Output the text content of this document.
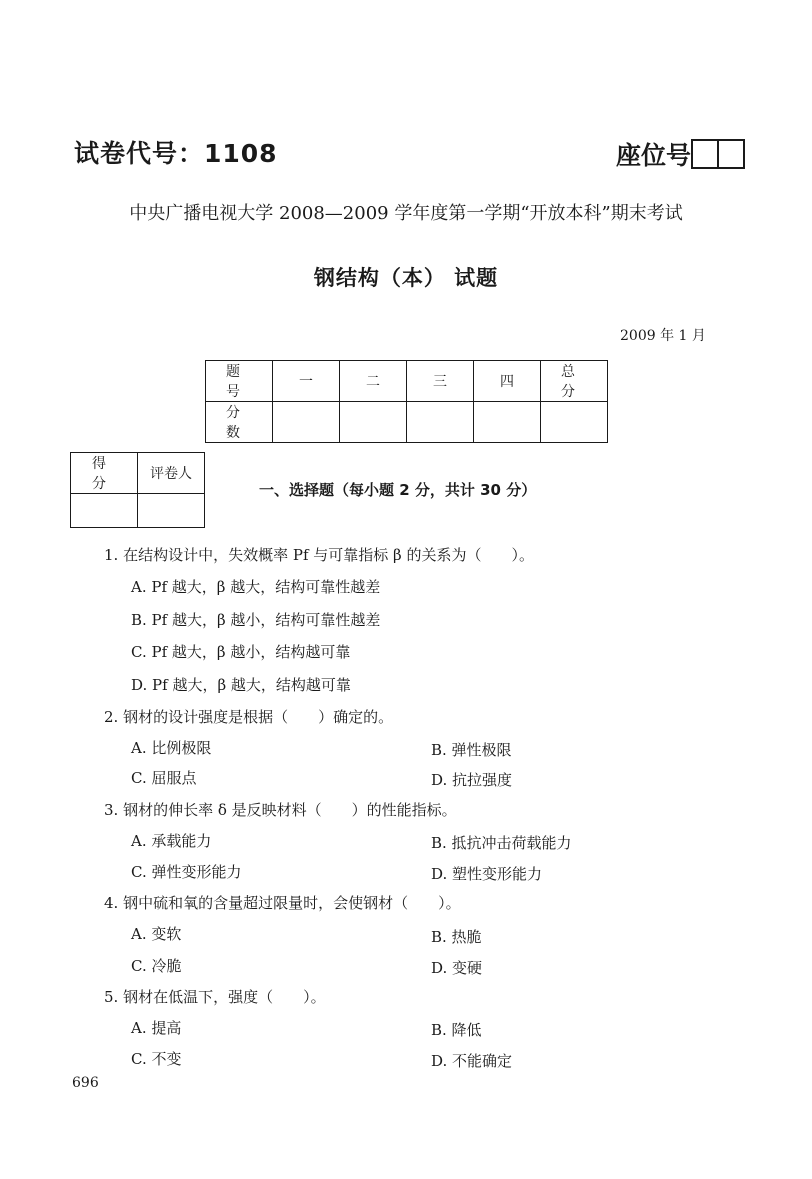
试卷代号：1108	座位号
中央广播电视大学 2008—2009 学年度第一学期“开放本科”期末考试
钢结构（本） 试题
2009 年 1 月
题　号	一	二	三	四	总　分
分　数					
得　分	评卷人

一、选择题（每小题 2 分，共计 30 分）
1. 在结构设计中，失效概率 Pf 与可靠指标 β 的关系为（　　）。
A. Pf 越大，β 越大，结构可靠性越差
B. Pf 越大，β 越小，结构可靠性越差
C. Pf 越大，β 越小，结构越可靠
D. Pf 越大，β 越大，结构越可靠
2. 钢材的设计强度是根据（　　）确定的。
A. 比例极限	B. 弹性极限
C. 屈服点	D. 抗拉强度
3. 钢材的伸长率 δ 是反映材料（　　）的性能指标。
A. 承载能力	B. 抵抗冲击荷载能力
C. 弹性变形能力	D. 塑性变形能力
4. 钢中硫和氧的含量超过限量时，会使钢材（　　）。
A. 变软	B. 热脆
C. 冷脆	D. 变硬
5. 钢材在低温下，强度（　　）。
A. 提高	B. 降低
C. 不变	D. 不能确定
696
